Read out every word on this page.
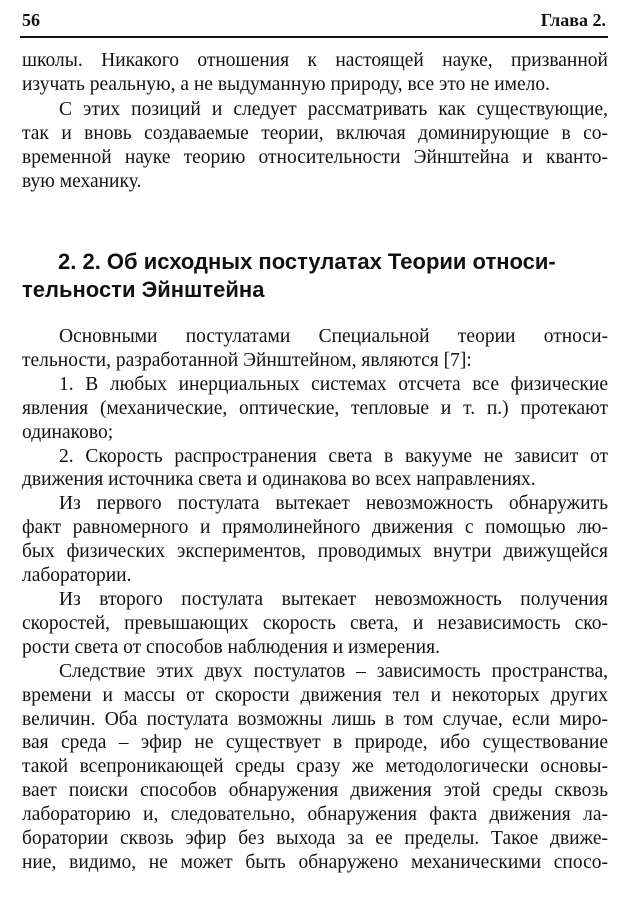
56	Глава 2.
школы. Никакого отношения к настоящей науке, призванной
изучать реальную, а не выдуманную природу, все это не имело.
С этих позиций и следует рассматривать как существующие,
так и вновь создаваемые теории, включая доминирующие в со-
временной науке теорию относительности Эйнштейна и кванто-
вую механику.
2. 2. Об исходных постулатах Теории относи-
тельности Эйнштейна
Основными постулатами Специальной теории относи-
тельности, разработанной Эйнштейном, являются [7]:
1. В любых инерциальных системах отсчета все физические
явления (механические, оптические, тепловые и т. п.) протекают
одинаково;
2. Скорость распространения света в вакууме не зависит от
движения источника света и одинакова во всех направлениях.
Из первого постулата вытекает невозможность обнаружить
факт равномерного и прямолинейного движения с помощью лю-
бых физических экспериментов, проводимых внутри движущейся
лаборатории.
Из второго постулата вытекает невозможность получения
скоростей, превышающих скорость света, и независимость ско-
рости света от способов наблюдения и измерения.
Следствие этих двух постулатов – зависимость пространства,
времени и массы от скорости движения тел и некоторых других
величин. Оба постулата возможны лишь в том случае, если миро-
вая среда – эфир не существует в природе, ибо существование
такой всепроникающей среды сразу же методологически основы-
вает поиски способов обнаружения движения этой среды сквозь
лабораторию и, следовательно, обнаружения факта движения ла-
боратории сквозь эфир без выхода за ее пределы. Такое движе-
ние, видимо, не может быть обнаружено механическими спосо-
